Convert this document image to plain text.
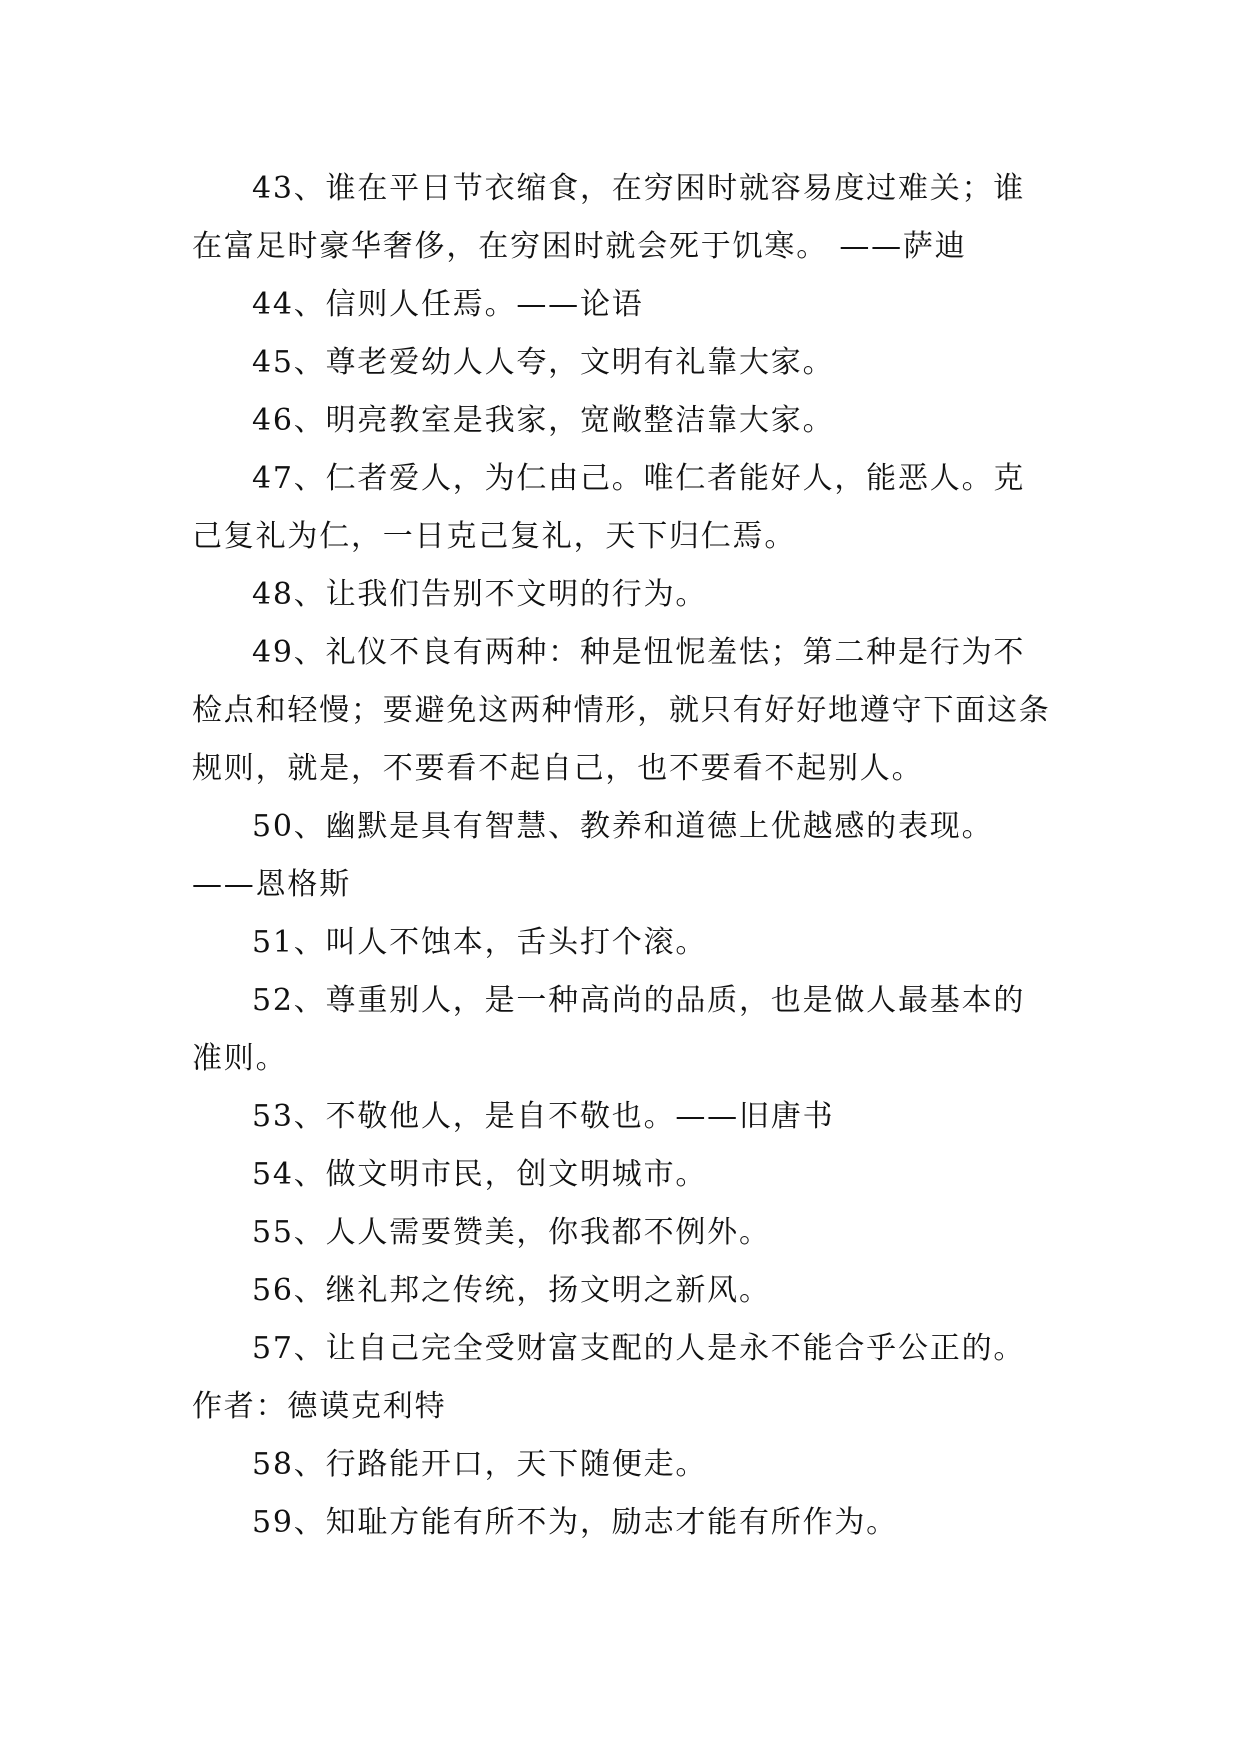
43、谁在平日节衣缩食，在穷困时就容易度过难关；谁在富足时豪华奢侈，在穷困时就会死于饥寒。 ——萨迪

44、信则人任焉。——论语

45、尊老爱幼人人夸，文明有礼靠大家。

46、明亮教室是我家，宽敞整洁靠大家。

47、仁者爱人，为仁由己。唯仁者能好人，能恶人。克己复礼为仁，一日克己复礼，天下归仁焉。

48、让我们告别不文明的行为。

49、礼仪不良有两种：种是忸怩羞怯；第二种是行为不检点和轻慢；要避免这两种情形，就只有好好地遵守下面这条规则，就是，不要看不起自己，也不要看不起别人。

50、幽默是具有智慧、教养和道德上优越感的表现。——恩格斯

51、叫人不蚀本，舌头打个滚。

52、尊重别人，是一种高尚的品质，也是做人最基本的准则。

53、不敬他人，是自不敬也。——旧唐书

54、做文明市民，创文明城市。

55、人人需要赞美，你我都不例外。

56、继礼邦之传统，扬文明之新风。

57、让自己完全受财富支配的人是永不能合乎公正的。作者：德谟克利特

58、行路能开口，天下随便走。

59、知耻方能有所不为，励志才能有所作为。
